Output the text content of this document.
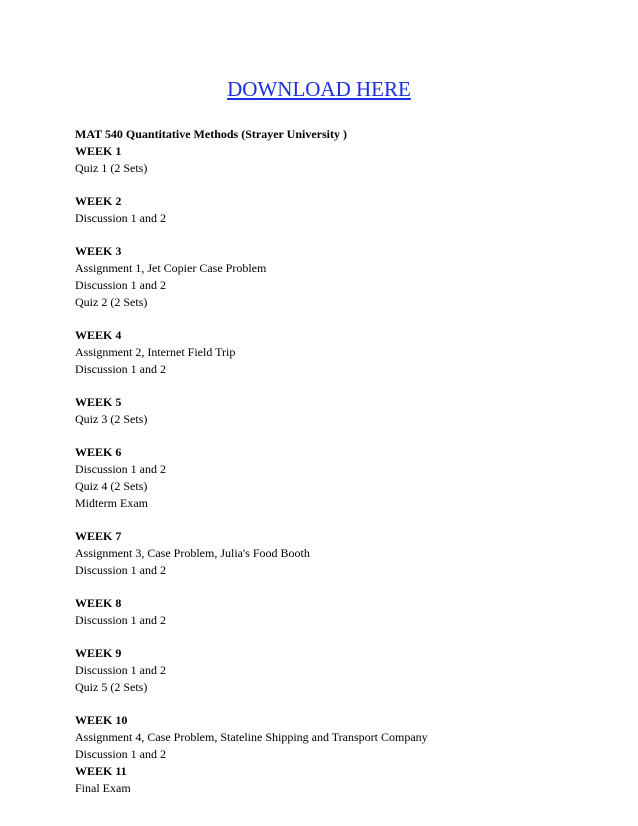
DOWNLOAD HERE
MAT 540 Quantitative Methods (Strayer University )
WEEK 1
Quiz 1 (2 Sets)
WEEK 2
Discussion 1 and 2
WEEK 3
Assignment 1, Jet Copier Case Problem
Discussion 1 and 2
Quiz 2 (2 Sets)
WEEK 4
Assignment 2, Internet Field Trip
Discussion 1 and 2
WEEK 5
Quiz 3 (2 Sets)
WEEK 6
Discussion 1 and 2
Quiz 4 (2 Sets)
Midterm Exam
WEEK 7
Assignment 3, Case Problem, Julia's Food Booth
Discussion 1 and 2
WEEK 8
Discussion 1 and 2
WEEK 9
Discussion 1 and 2
Quiz 5 (2 Sets)
WEEK 10
Assignment 4, Case Problem, Stateline Shipping and Transport Company
Discussion 1 and 2
WEEK 11
Final Exam
